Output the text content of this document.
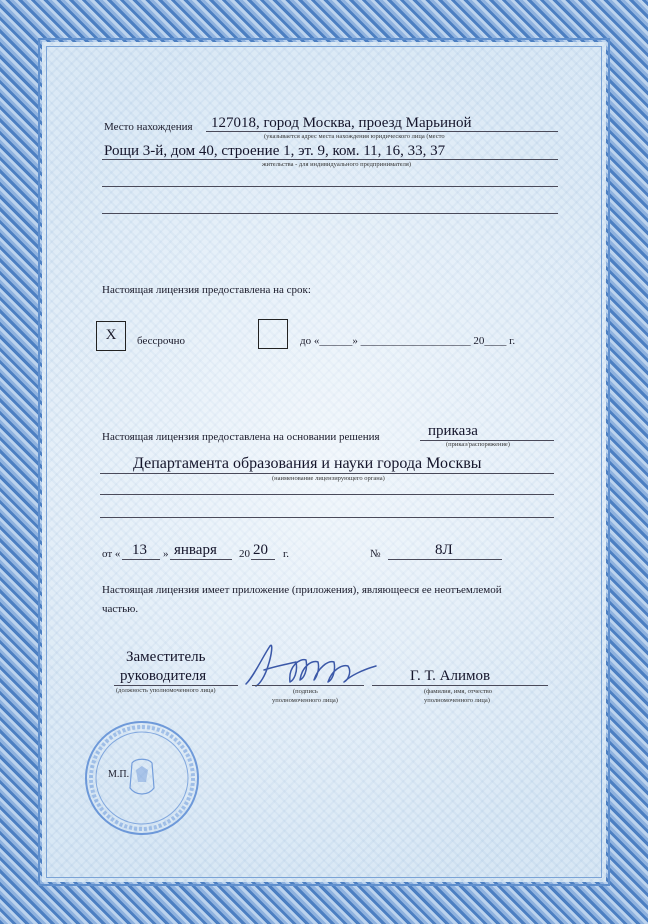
Место нахождения 127018, город Москва, проезд Марьиной
(указывается адрес места нахождения юридического лица (место
Рощи 3-й, дом 40, строение 1, эт. 9, ком. 11, 16, 33, 37
жительства - для индивидуального предпринимателя)
Настоящая лицензия предоставлена на срок:
X	бессрочно	до «______» ____________________ 20____ г.
Настоящая лицензия предоставлена на основании решения	приказа
(приказ/распоряжение)
Департамента образования и науки города Москвы
(наименование лицензирующего органа)
от « 13 » января 20 20 г.	№	8Л
Настоящая лицензия имеет приложение (приложения), являющееся ее неотъемлемой
частью.
Заместитель
руководителя
(должность уполномоченного лица)	(подпись
уполномоченного лица)
Г. Т. Алимов
(фамилия, имя, отчество
уполномоченного лица)
М.П.
